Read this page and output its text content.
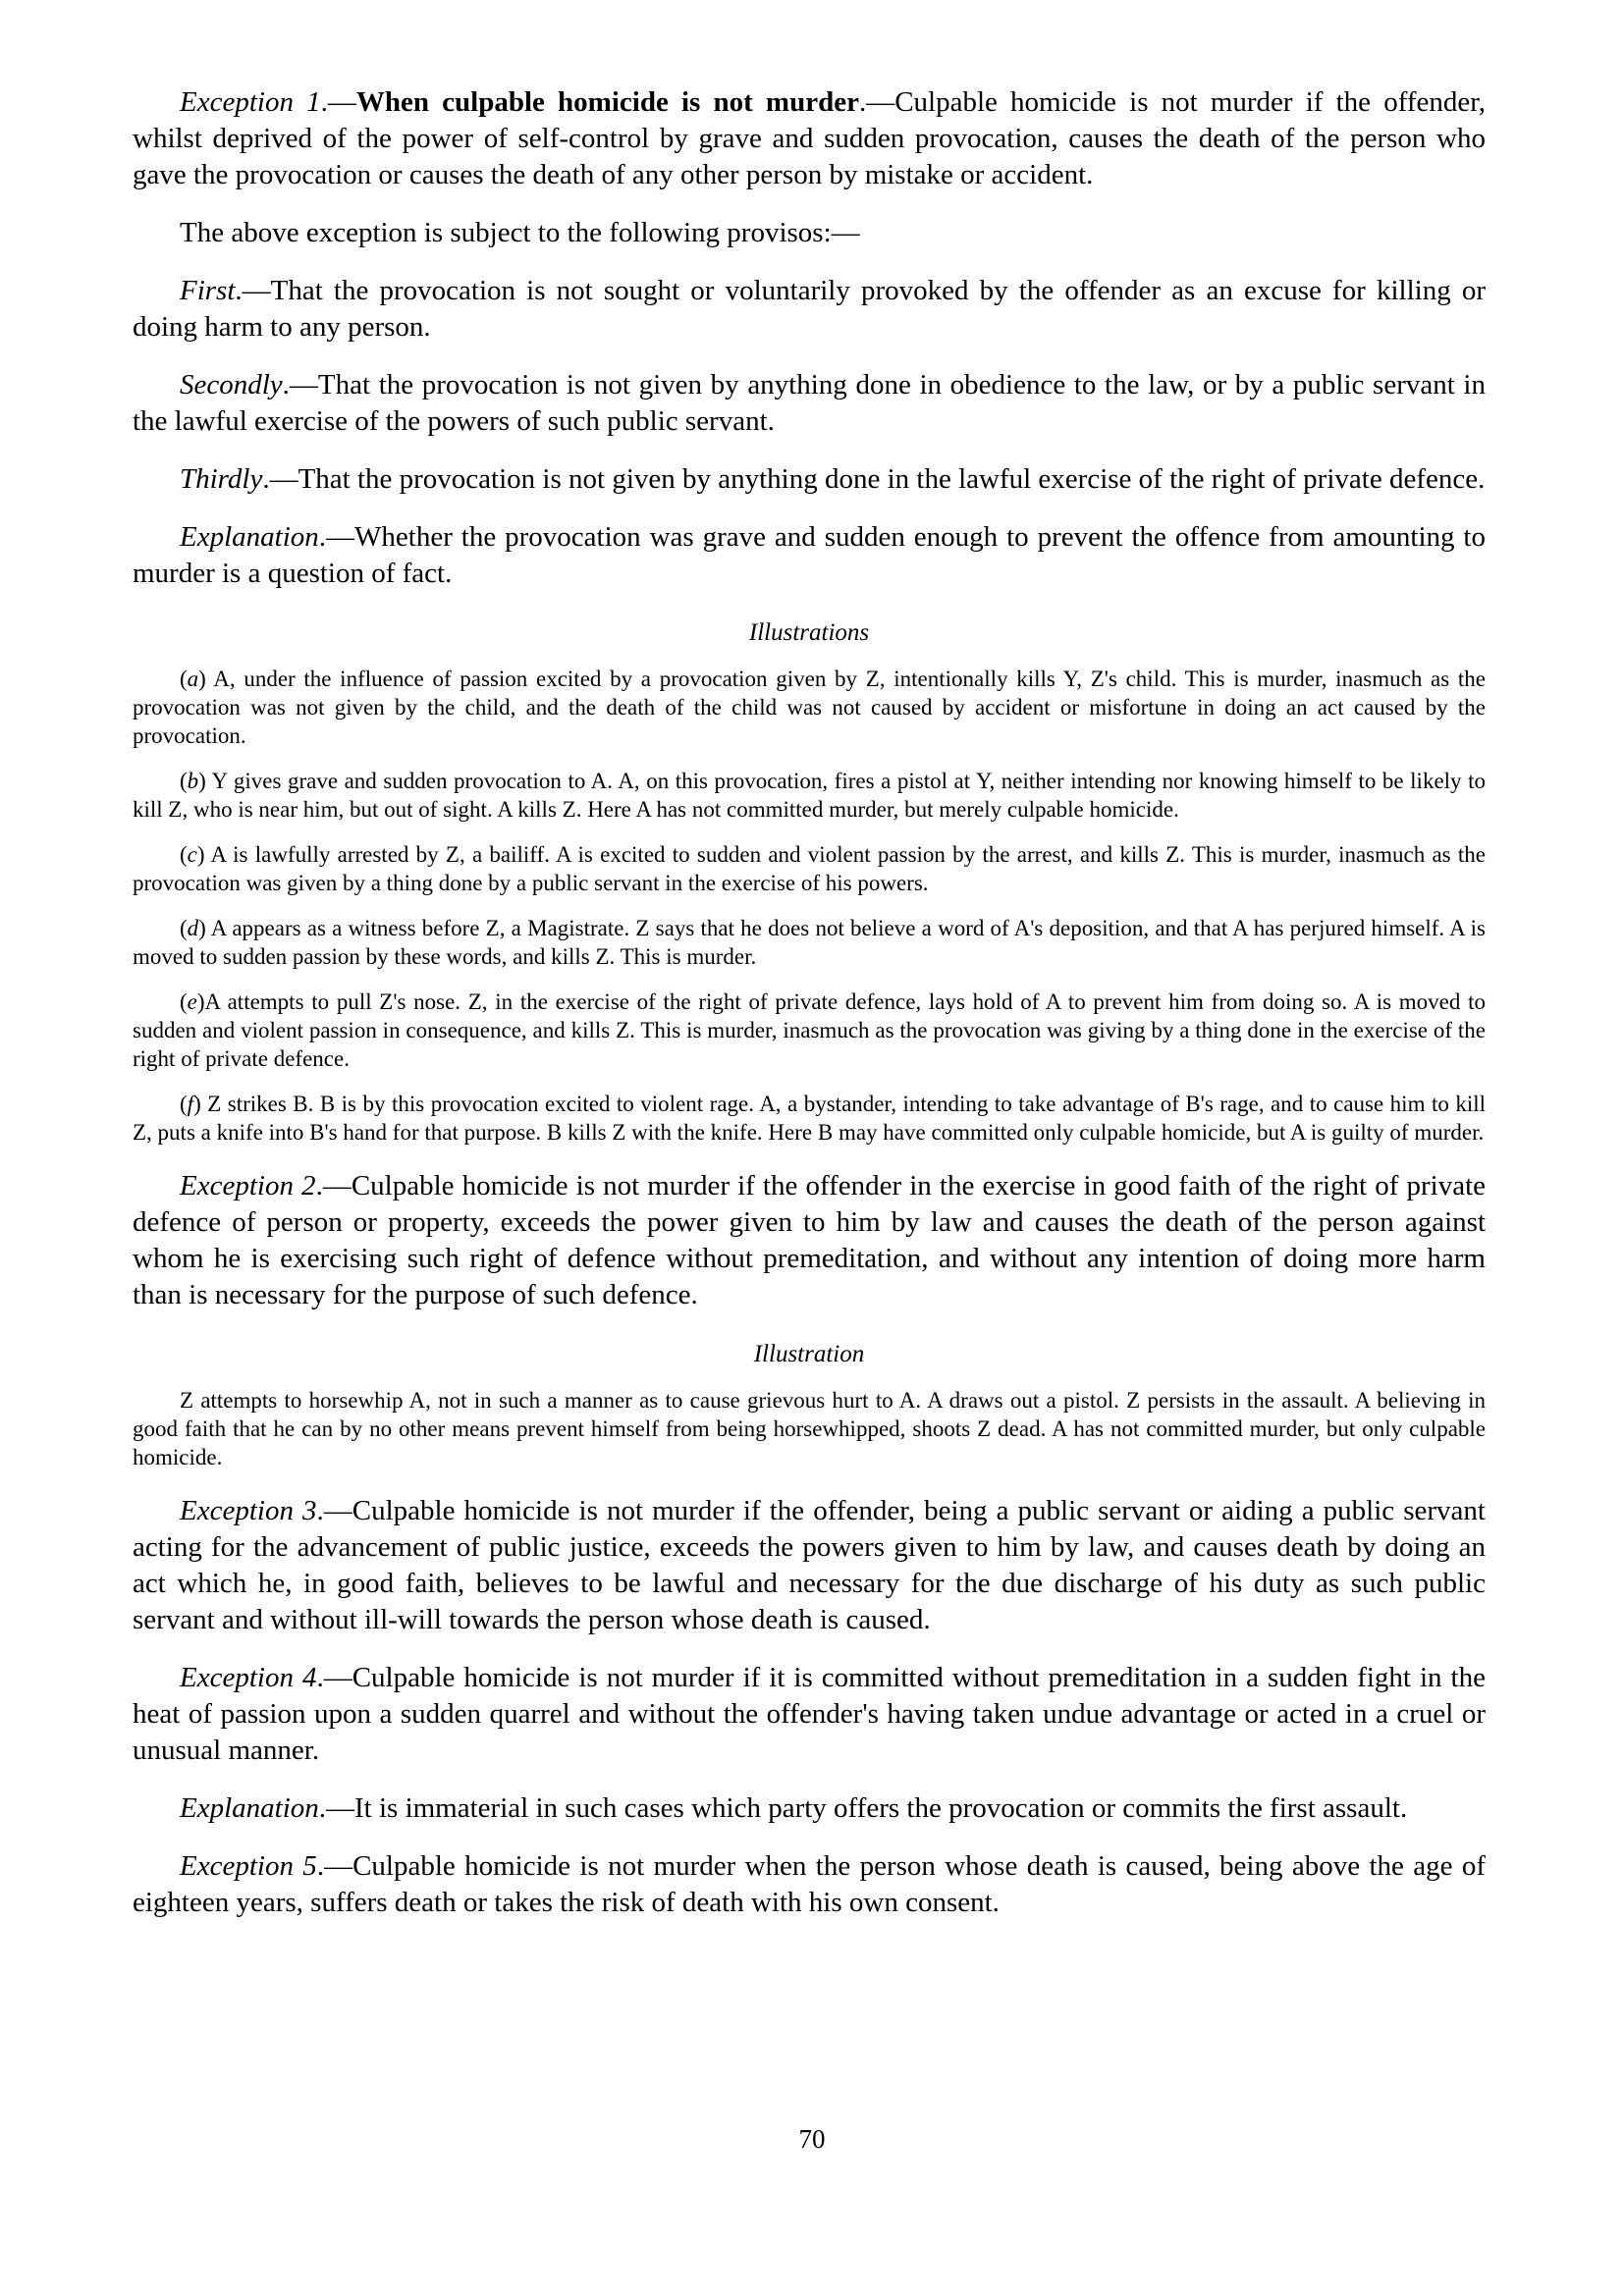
Exception 1.—When culpable homicide is not murder.—Culpable homicide is not murder if the offender, whilst deprived of the power of self-control by grave and sudden provocation, causes the death of the person who gave the provocation or causes the death of any other person by mistake or accident.

The above exception is subject to the following provisos:—

First.—That the provocation is not sought or voluntarily provoked by the offender as an excuse for killing or doing harm to any person.

Secondly.—That the provocation is not given by anything done in obedience to the law, or by a public servant in the lawful exercise of the powers of such public servant.

Thirdly.—That the provocation is not given by anything done in the lawful exercise of the right of private defence.

Explanation.—Whether the provocation was grave and sudden enough to prevent the offence from amounting to murder is a question of fact.

Illustrations

(a) A, under the influence of passion excited by a provocation given by Z, intentionally kills Y, Z's child. This is murder, inasmuch as the provocation was not given by the child, and the death of the child was not caused by accident or misfortune in doing an act caused by the provocation.

(b) Y gives grave and sudden provocation to A. A, on this provocation, fires a pistol at Y, neither intending nor knowing himself to be likely to kill Z, who is near him, but out of sight. A kills Z. Here A has not committed murder, but merely culpable homicide.

(c) A is lawfully arrested by Z, a bailiff. A is excited to sudden and violent passion by the arrest, and kills Z. This is murder, inasmuch as the provocation was given by a thing done by a public servant in the exercise of his powers.

(d) A appears as a witness before Z, a Magistrate. Z says that he does not believe a word of A's deposition, and that A has perjured himself. A is moved to sudden passion by these words, and kills Z. This is murder.

(e)A attempts to pull Z's nose. Z, in the exercise of the right of private defence, lays hold of A to prevent him from doing so. A is moved to sudden and violent passion in consequence, and kills Z. This is murder, inasmuch as the provocation was giving by a thing done in the exercise of the right of private defence.

(f) Z strikes B. B is by this provocation excited to violent rage. A, a bystander, intending to take advantage of B's rage, and to cause him to kill Z, puts a knife into B's hand for that purpose. B kills Z with the knife. Here B may have committed only culpable homicide, but A is guilty of murder.

Exception 2.—Culpable homicide is not murder if the offender in the exercise in good faith of the right of private defence of person or property, exceeds the power given to him by law and causes the death of the person against whom he is exercising such right of defence without premeditation, and without any intention of doing more harm than is necessary for the purpose of such defence.

Illustration

Z attempts to horsewhip A, not in such a manner as to cause grievous hurt to A. A draws out a pistol. Z persists in the assault. A believing in good faith that he can by no other means prevent himself from being horsewhipped, shoots Z dead. A has not committed murder, but only culpable homicide.

Exception 3.—Culpable homicide is not murder if the offender, being a public servant or aiding a public servant acting for the advancement of public justice, exceeds the powers given to him by law, and causes death by doing an act which he, in good faith, believes to be lawful and necessary for the due discharge of his duty as such public servant and without ill-will towards the person whose death is caused.

Exception 4.—Culpable homicide is not murder if it is committed without premeditation in a sudden fight in the heat of passion upon a sudden quarrel and without the offender's having taken undue advantage or acted in a cruel or unusual manner.

Explanation.—It is immaterial in such cases which party offers the provocation or commits the first assault.

Exception 5.—Culpable homicide is not murder when the person whose death is caused, being above the age of eighteen years, suffers death or takes the risk of death with his own consent.

70
